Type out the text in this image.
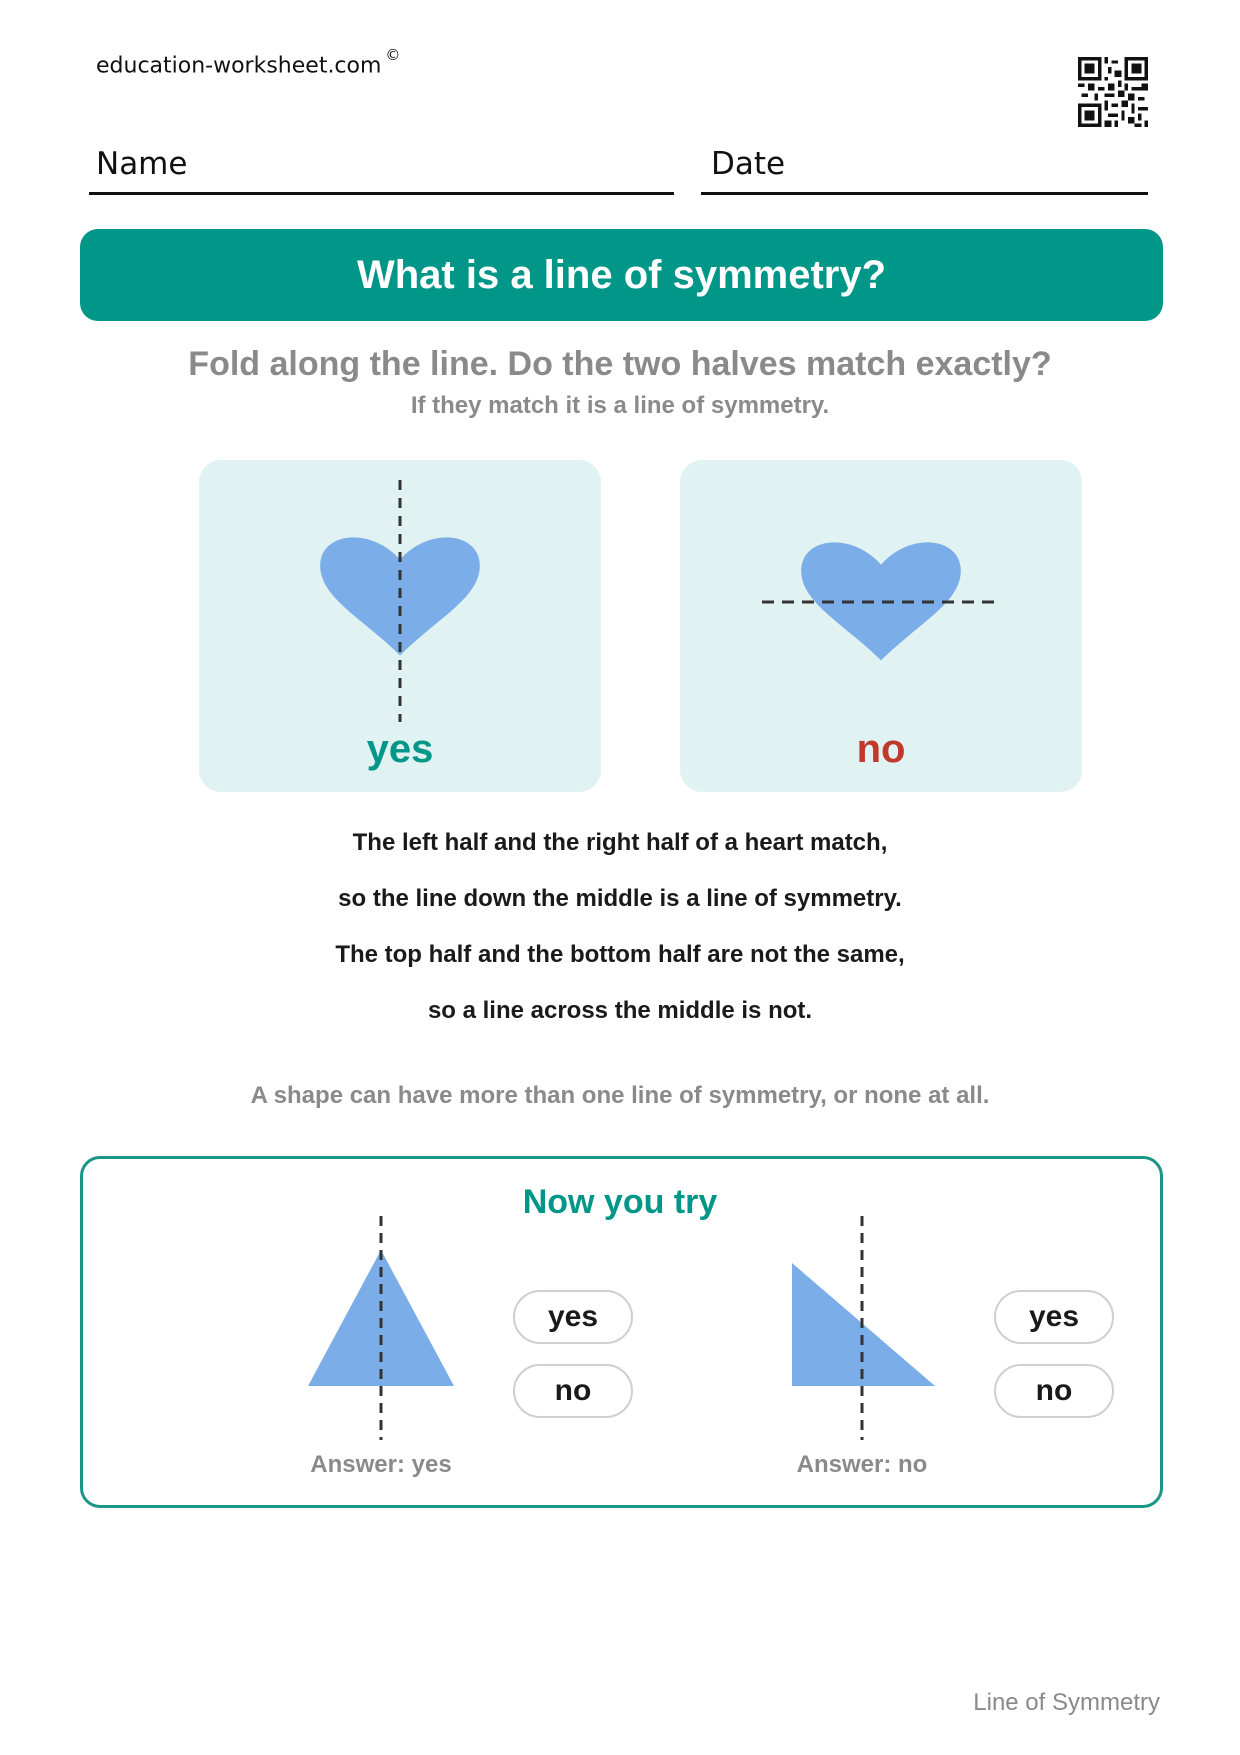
education-worksheet.com ©
Name	Date
What is a line of symmetry?
Fold along the line. Do the two halves match exactly?
If they match it is a line of symmetry.
yes	no
The left half and the right half of a heart match,
so the line down the middle is a line of symmetry.
The top half and the bottom half are not the same,
so a line across the middle is not.
A shape can have more than one line of symmetry, or none at all.
Now you try
yes
no
yes
no
Answer: yes	Answer: no
Line of Symmetry
